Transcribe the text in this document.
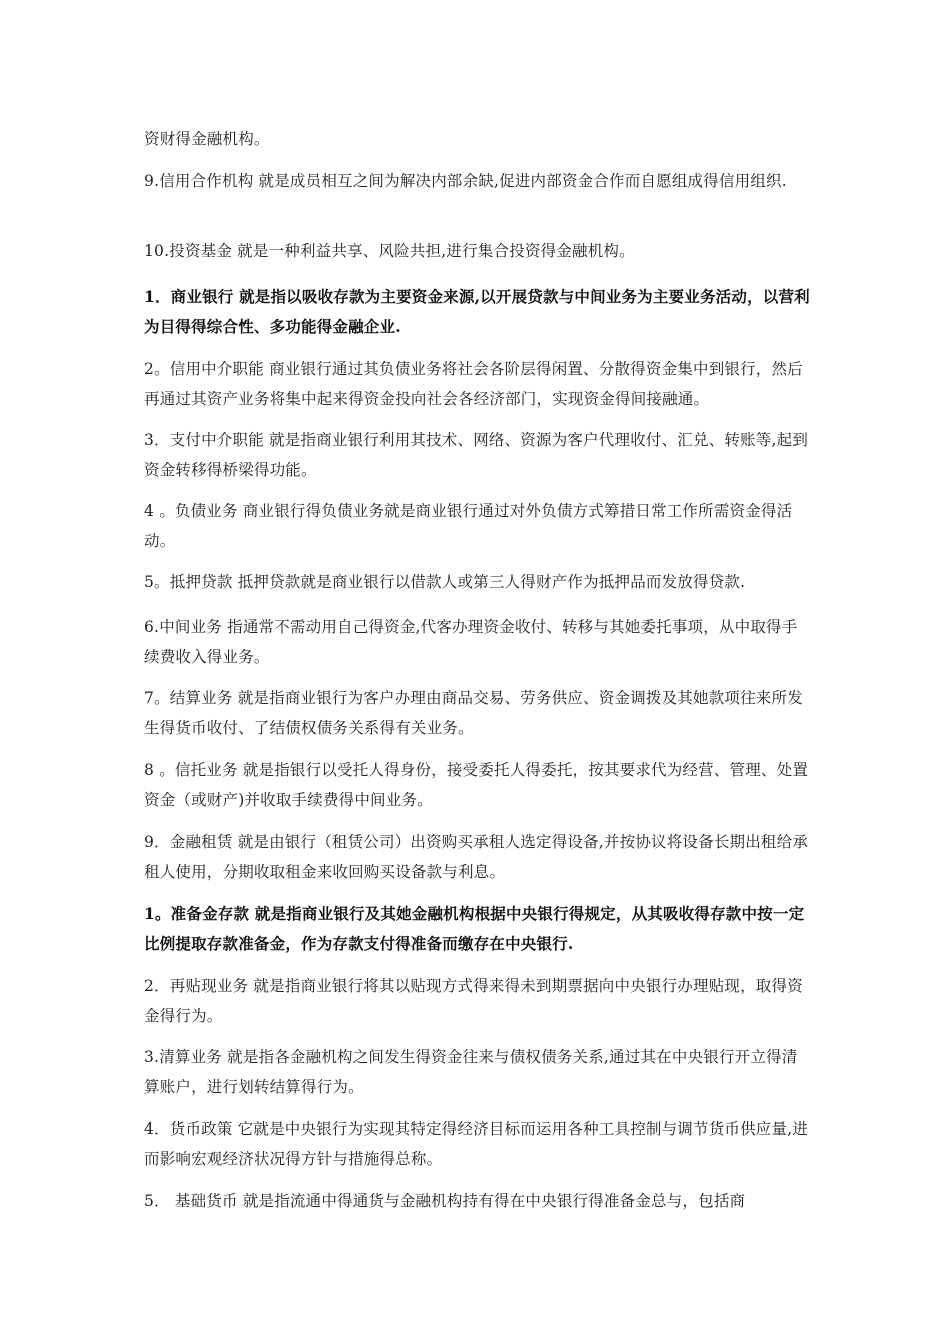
资财得金融机构。

9.信用合作机构 就是成员相互之间为解决内部余缺,促进内部资金合作而自愿组成得信用组织.

10.投资基金 就是一种利益共享、风险共担,进行集合投资得金融机构。

1．商业银行 就是指以吸收存款为主要资金来源,以开展贷款与中间业务为主要业务活动，以营利为目得得综合性、多功能得金融企业.

2。信用中介职能 商业银行通过其负债业务将社会各阶层得闲置、分散得资金集中到银行，然后再通过其资产业务将集中起来得资金投向社会各经济部门，实现资金得间接融通。

3．支付中介职能 就是指商业银行利用其技术、网络、资源为客户代理收付、汇兑、转账等,起到资金转移得桥梁得功能。

4 。负债业务 商业银行得负债业务就是商业银行通过对外负债方式筹措日常工作所需资金得活动。

5。抵押贷款 抵押贷款就是商业银行以借款人或第三人得财产作为抵押品而发放得贷款.

6.中间业务 指通常不需动用自己得资金,代客办理资金收付、转移与其她委托事项，从中取得手续费收入得业务。

7。结算业务 就是指商业银行为客户办理由商品交易、劳务供应、资金调拨及其她款项往来所发生得货币收付、了结债权债务关系得有关业务。

8 。信托业务 就是指银行以受托人得身份，接受委托人得委托，按其要求代为经营、管理、处置资金（或财产)并收取手续费得中间业务。

9．金融租赁 就是由银行（租赁公司）出资购买承租人选定得设备,并按协议将设备长期出租给承租人使用，分期收取租金来收回购买设备款与利息。

1。准备金存款 就是指商业银行及其她金融机构根据中央银行得规定，从其吸收得存款中按一定比例提取存款准备金，作为存款支付得准备而缴存在中央银行.

2．再贴现业务 就是指商业银行将其以贴现方式得来得未到期票据向中央银行办理贴现，取得资金得行为。

3.清算业务 就是指各金融机构之间发生得资金往来与债权债务关系,通过其在中央银行开立得清算账户，进行划转结算得行为。

4．货币政策 它就是中央银行为实现其特定得经济目标而运用各种工具控制与调节货币供应量,进而影响宏观经济状况得方针与措施得总称。

5． 基础货币 就是指流通中得通货与金融机构持有得在中央银行得准备金总与，包括商
